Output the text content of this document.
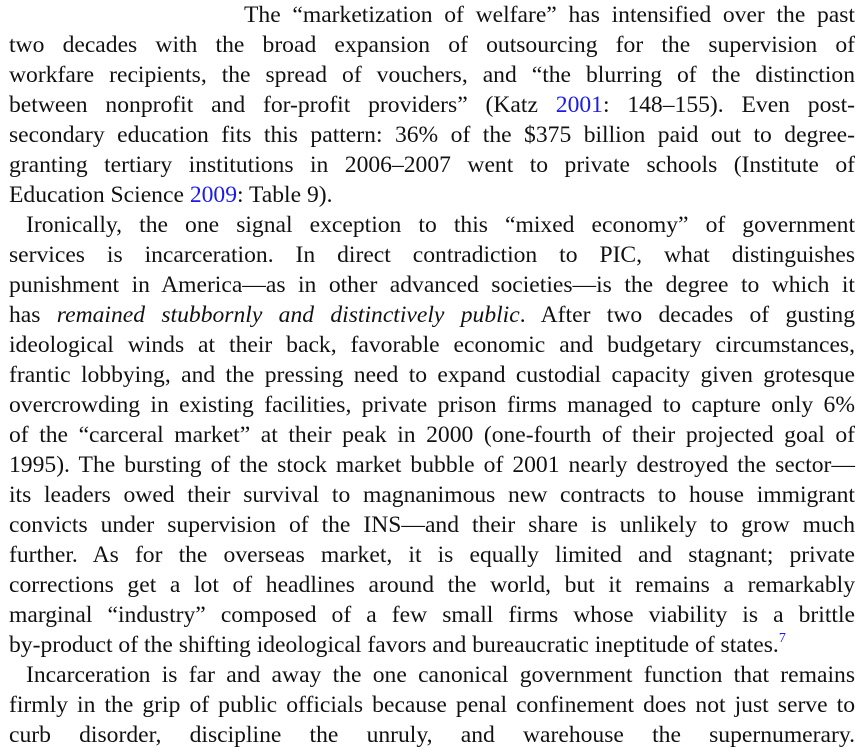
The “marketization of welfare” has intensified over the past
two decades with the broad expansion of outsourcing for the supervision of
workfare recipients, the spread of vouchers, and “the blurring of the distinction
between nonprofit and for-profit providers” (Katz 2001: 148–155). Even post-
secondary education fits this pattern: 36% of the $375 billion paid out to degree-
granting tertiary institutions in 2006–2007 went to private schools (Institute of
Education Science 2009: Table 9).
Ironically, the one signal exception to this “mixed economy” of government
services is incarceration. In direct contradiction to PIC, what distinguishes
punishment in America—as in other advanced societies—is the degree to which it
has remained stubbornly and distinctively public. After two decades of gusting
ideological winds at their back, favorable economic and budgetary circumstances,
frantic lobbying, and the pressing need to expand custodial capacity given grotesque
overcrowding in existing facilities, private prison firms managed to capture only 6%
of the “carceral market” at their peak in 2000 (one-fourth of their projected goal of
1995). The bursting of the stock market bubble of 2001 nearly destroyed the sector—
its leaders owed their survival to magnanimous new contracts to house immigrant
convicts under supervision of the INS—and their share is unlikely to grow much
further. As for the overseas market, it is equally limited and stagnant; private
corrections get a lot of headlines around the world, but it remains a remarkably
marginal “industry” composed of a few small firms whose viability is a brittle
by-product of the shifting ideological favors and bureaucratic ineptitude of states.$^7$
Incarceration is far and away the one canonical government function that remains
firmly in the grip of public officials because penal confinement does not just serve to
curb disorder, discipline the unruly, and warehouse the supernumerary.
